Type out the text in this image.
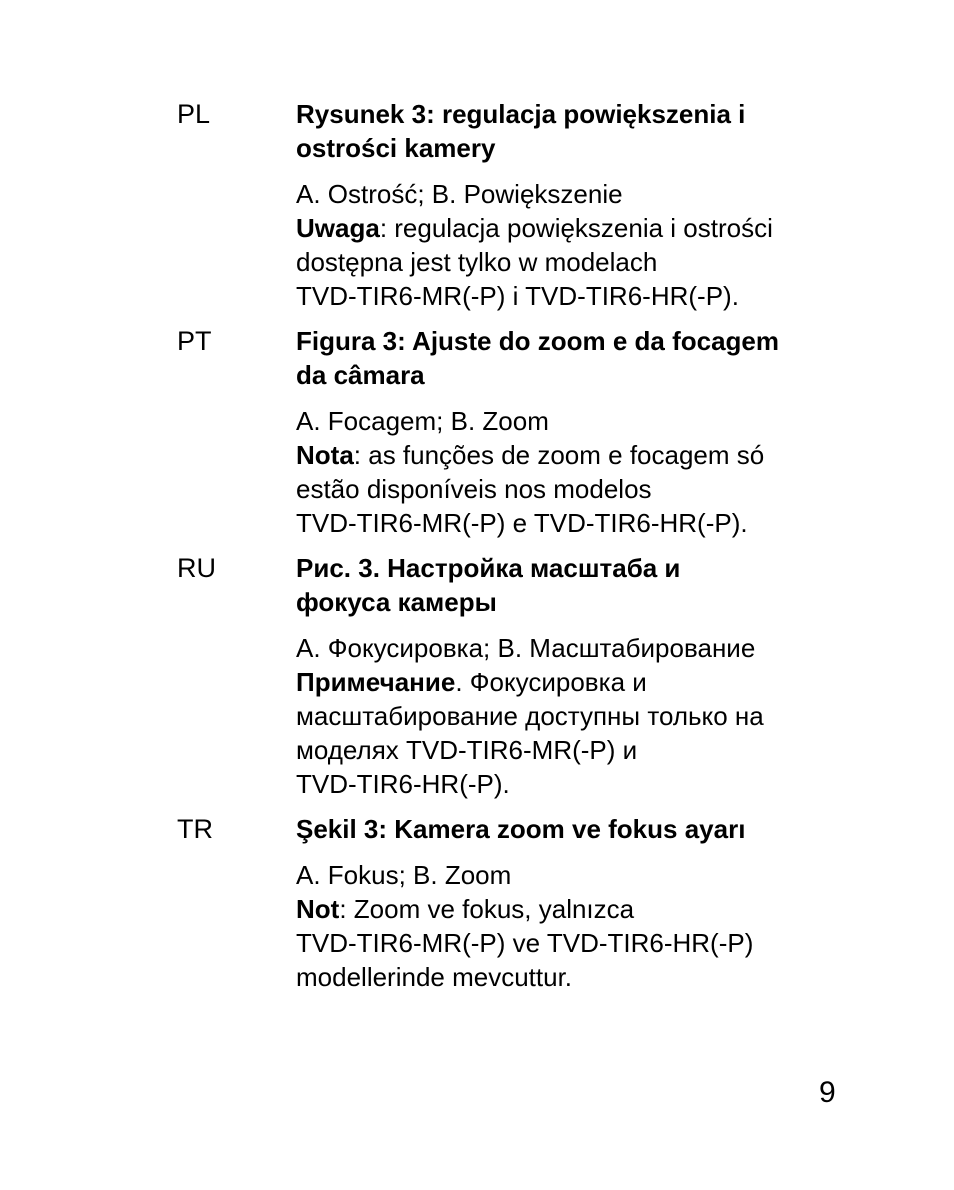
PL	Rysunek 3: regulacja powiększenia i
ostrości kamery

A. Ostrość; B. Powiększenie
Uwaga: regulacja powiększenia i ostrości
dostępna jest tylko w modelach
TVD-TIR6-MR(-P) i TVD-TIR6-HR(-P).

PT	Figura 3: Ajuste do zoom e da focagem
da câmara

A. Focagem; B. Zoom
Nota: as funções de zoom e focagem só
estão disponíveis nos modelos
TVD-TIR6-MR(-P) e TVD-TIR6-HR(-P).

RU	Рис. 3. Настройка масштаба и
фокуса камеры

A. Фокусировка; B. Масштабирование
Примечание. Фокусировка и
масштабирование доступны только на
моделях TVD-TIR6-MR(-P) и
TVD-TIR6-HR(-P).

TR	Şekil 3: Kamera zoom ve fokus ayarı

A. Fokus; B. Zoom
Not: Zoom ve fokus, yalnızca
TVD-TIR6-MR(-P) ve TVD-TIR6-HR(-P)
modellerinde mevcuttur.

9
